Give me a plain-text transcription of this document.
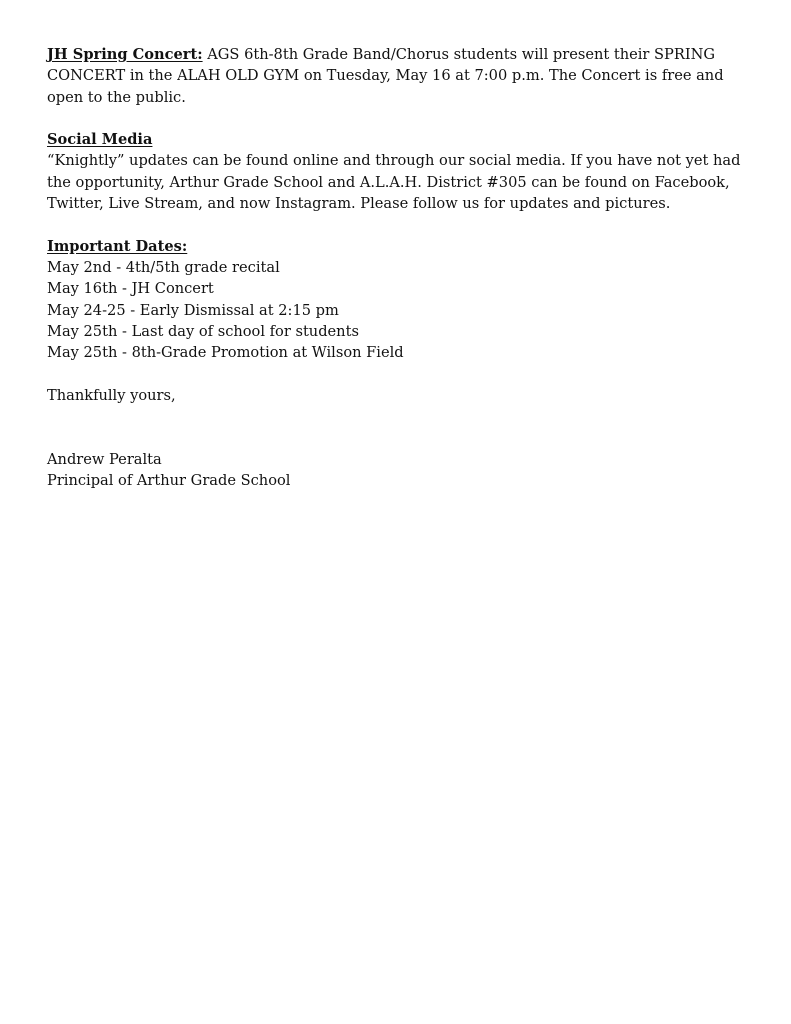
JH Spring Concert: AGS 6th-8th Grade Band/Chorus students will present their SPRING CONCERT in the ALAH OLD GYM on Tuesday, May 16 at 7:00 p.m. The Concert is free and open to the public.
Social Media
“Knightly” updates can be found online and through our social media. If you have not yet had the opportunity, Arthur Grade School and A.L.A.H. District #305 can be found on Facebook, Twitter, Live Stream, and now Instagram. Please follow us for updates and pictures.
Important Dates:
May 2nd - 4th/5th grade recital
May 16th - JH Concert
May 24-25 - Early Dismissal at 2:15 pm
May 25th - Last day of school for students
May 25th - 8th-Grade Promotion at Wilson Field
Thankfully yours,
Andrew Peralta
Principal of Arthur Grade School
